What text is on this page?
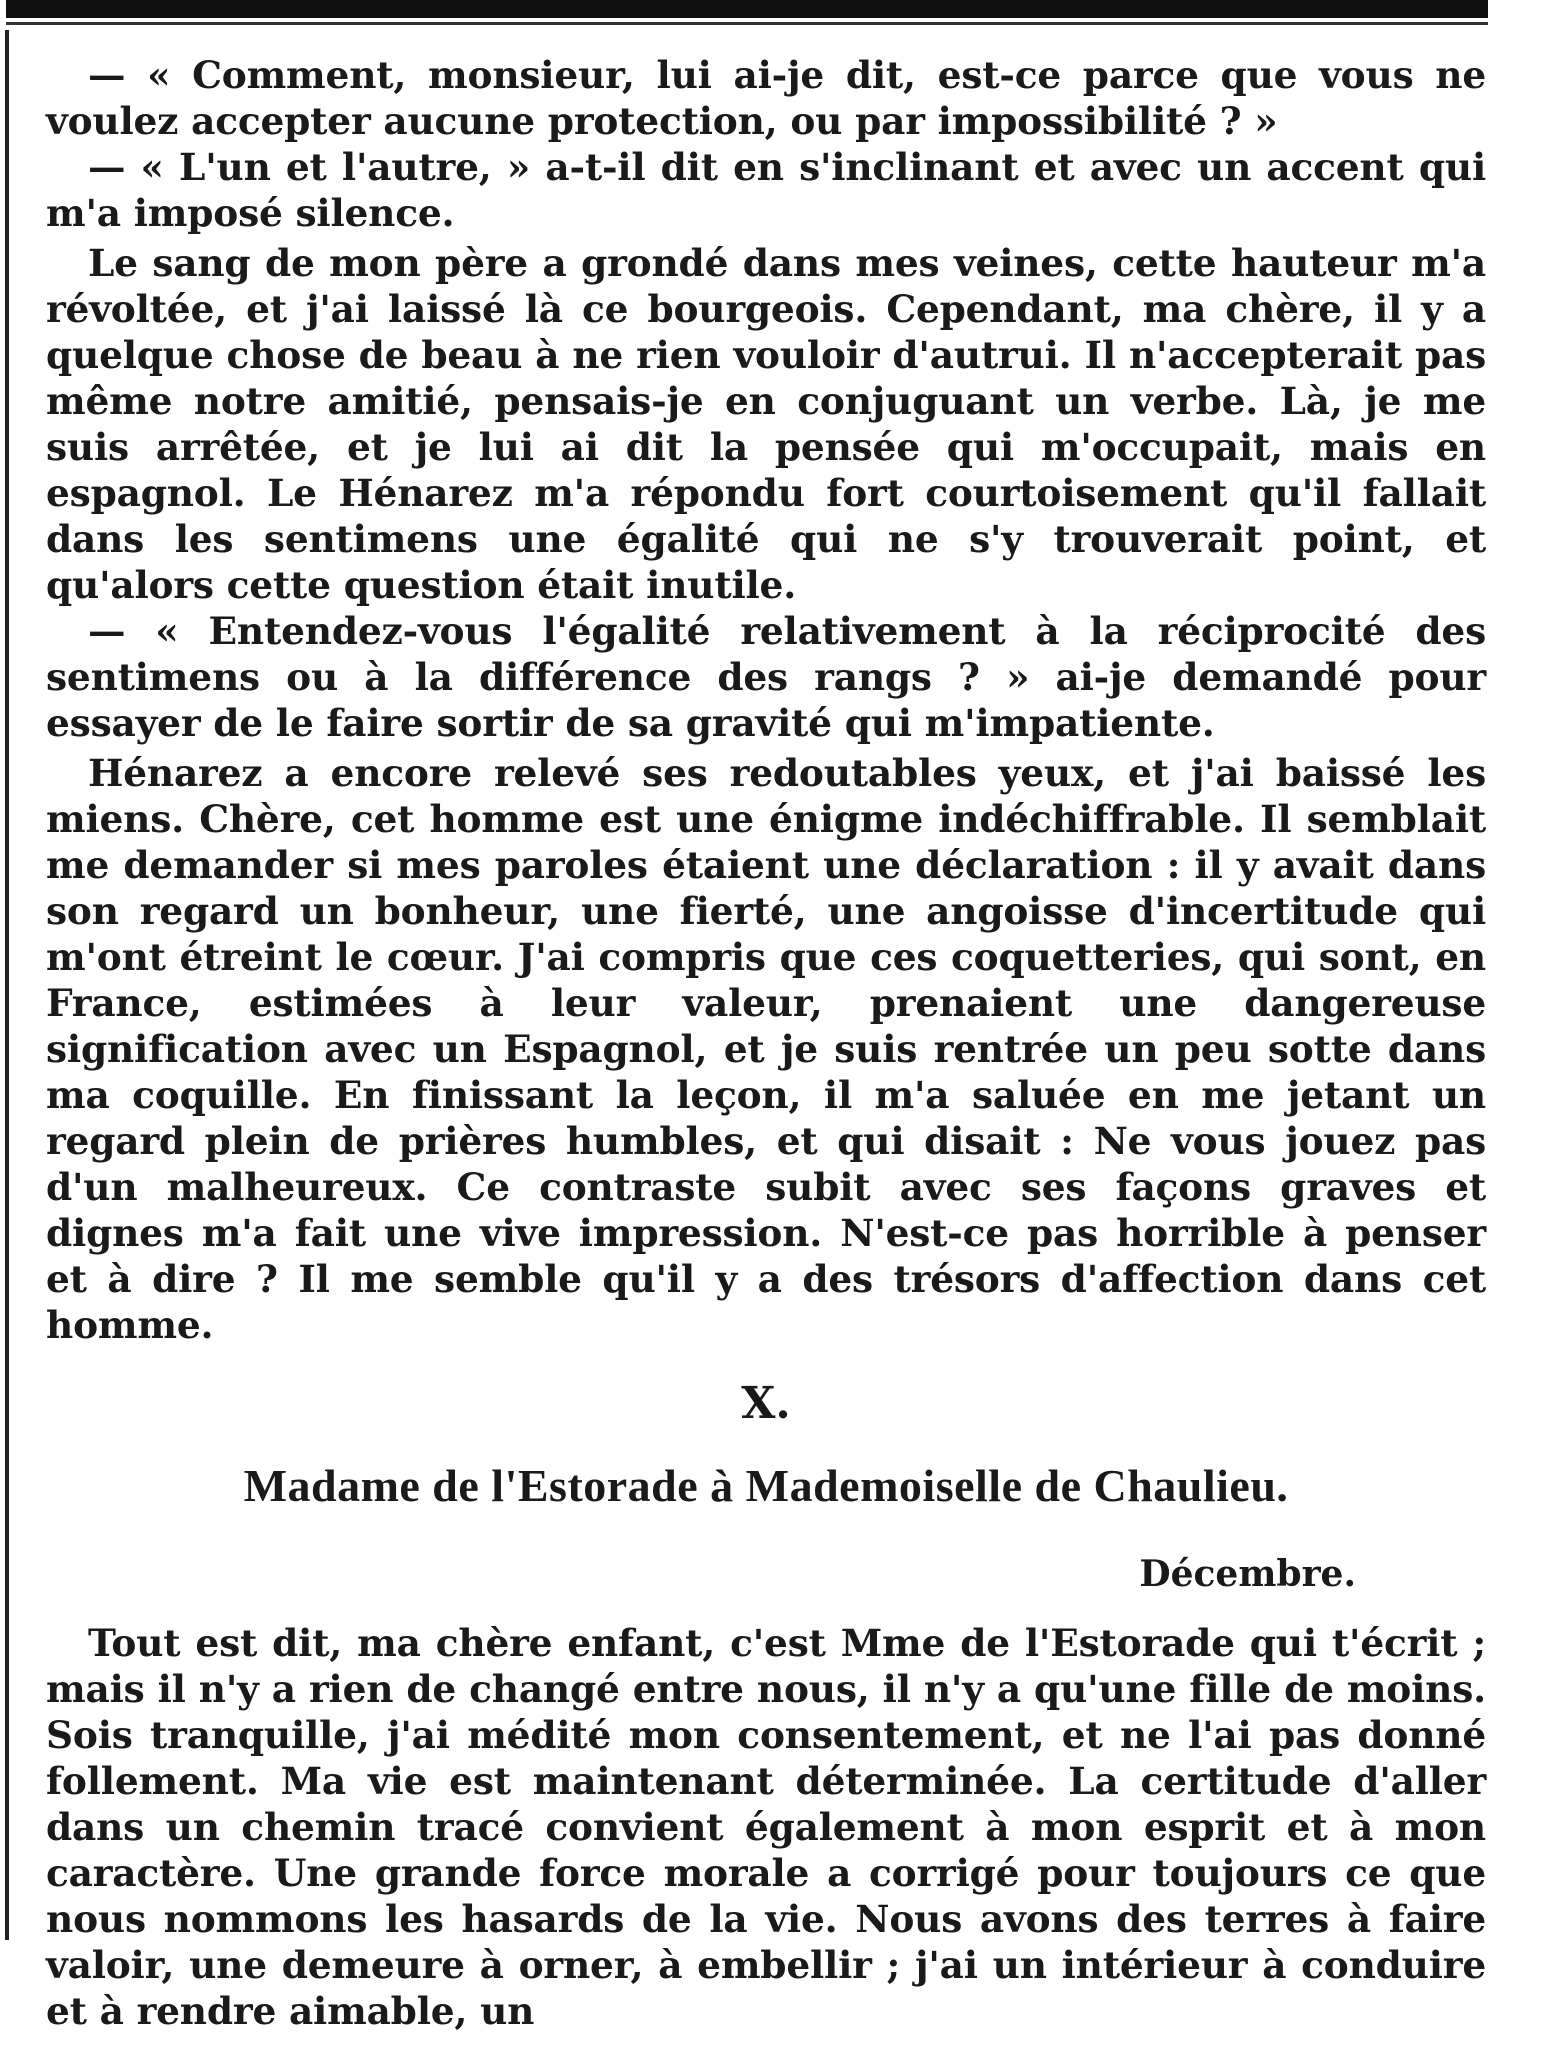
— « Comment, monsieur, lui ai-je dit, est-ce parce que vous ne voulez accepter aucune protection, ou par impossibilité ? »

— « L'un et l'autre, » a-t-il dit en s'inclinant et avec un accent qui m'a imposé silence.

Le sang de mon père a grondé dans mes veines, cette hauteur m'a révoltée, et j'ai laissé là ce bourgeois. Cependant, ma chère, il y a quelque chose de beau à ne rien vouloir d'autrui. Il n'accepterait pas même notre amitié, pensais-je en conjuguant un verbe. Là, je me suis arrêtée, et je lui ai dit la pensée qui m'occupait, mais en espagnol. Le Hénarez m'a répondu fort courtoisement qu'il fallait dans les sentimens une égalité qui ne s'y trouverait point, et qu'alors cette question était inutile.

— « Entendez-vous l'égalité relativement à la réciprocité des sentimens ou à la différence des rangs ? » ai-je demandé pour essayer de le faire sortir de sa gravité qui m'impatiente.

Hénarez a encore relevé ses redoutables yeux, et j'ai baissé les miens. Chère, cet homme est une énigme indéchiffrable. Il semblait me demander si mes paroles étaient une déclaration : il y avait dans son regard un bonheur, une fierté, une angoisse d'incertitude qui m'ont étreint le cœur. J'ai compris que ces coquetteries, qui sont, en France, estimées à leur valeur, prenaient une dangereuse signification avec un Espagnol, et je suis rentrée un peu sotte dans ma coquille. En finissant la leçon, il m'a saluée en me jetant un regard plein de prières humbles, et qui disait : Ne vous jouez pas d'un malheureux. Ce contraste subit avec ses façons graves et dignes m'a fait une vive impression. N'est-ce pas horrible à penser et à dire ? Il me semble qu'il y a des trésors d'affection dans cet homme.

X.
Madame de l'Estorade à Mademoiselle de Chaulieu.
Décembre.

Tout est dit, ma chère enfant, c'est Mme de l'Estorade qui t'écrit ; mais il n'y a rien de changé entre nous, il n'y a qu'une fille de moins. Sois tranquille, j'ai médité mon consentement, et ne l'ai pas donné follement. Ma vie est maintenant déterminée. La certitude d'aller dans un chemin tracé convient également à mon esprit et à mon caractère. Une grande force morale a corrigé pour toujours ce que nous nommons les hasards de la vie. Nous avons des terres à faire valoir, une demeure à orner, à embellir ; j'ai un intérieur à conduire et à rendre aimable, un
